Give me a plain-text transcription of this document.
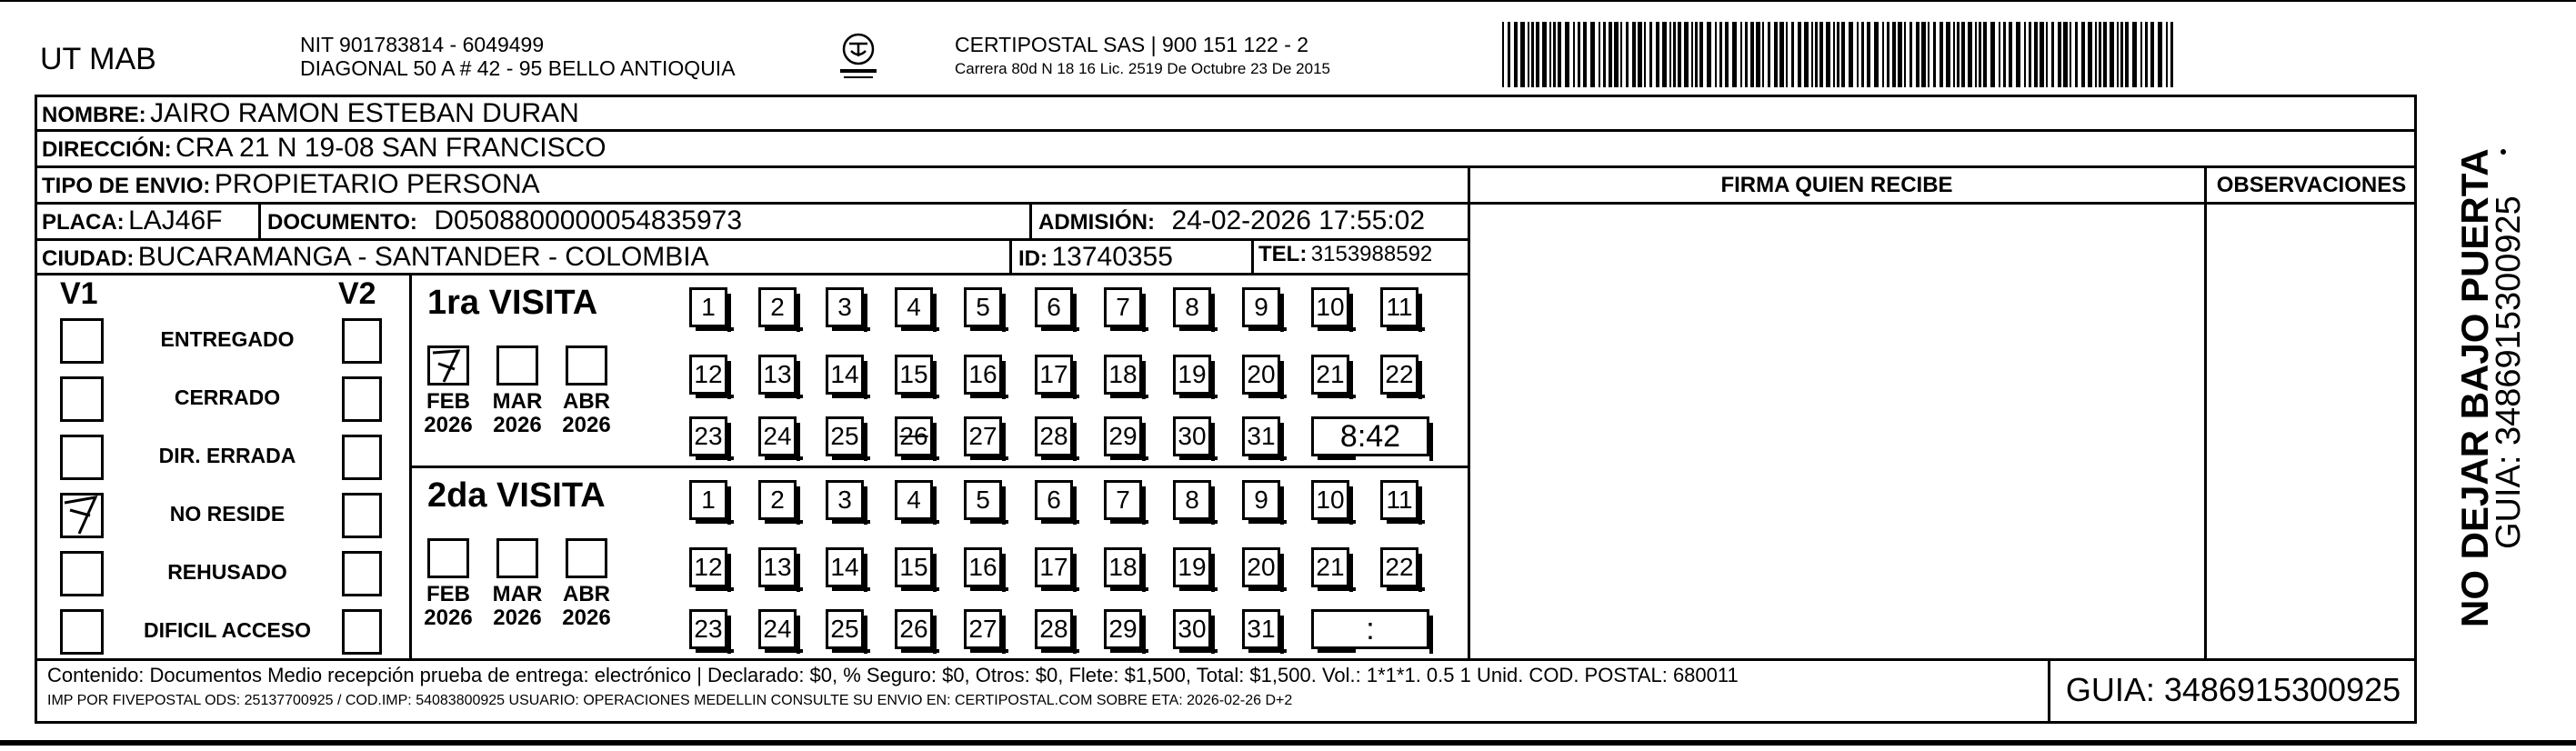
UT MAB	NIT 901783814 - 6049499
DIAGONAL 50 A # 42 - 95 BELLO ANTIOQUIA
CERTIPOSTAL SAS | 900 151 122 - 2
Carrera 80d N 18 16 Lic. 2519 De Octubre 23 De 2015
NOMBRE: JAIRO RAMON ESTEBAN DURAN
DIRECCIÓN: CRA 21 N 19-08 SAN FRANCISCO
TIPO DE ENVIO: PROPIETARIO PERSONA	FIRMA QUIEN RECIBE	OBSERVACIONES
PLACA: LAJ46F DOCUMENTO: D0508800000054835973	ADMISIÓN: 24-02-2026 17:55:02
CIUDAD: BUCARAMANGA - SANTANDER - COLOMBIA	ID: 13740355	TEL: 3153988592
V1	V2
ENTREGADO
CERRADO
DIR. ERRADA
NO RESIDE
REHUSADO
DIFICIL ACCESO
1ra VISITA
FEB
2026
MAR
2026
ABR
2026
1	2	3	4	5	6	7	8	9	10 11
12 13 14 15 16 17 18 19 20 21 22
23 24 25 26 27 28 29 30 31	8:42
2da VISITA
FEB
2026
MAR
2026
ABR
2026
1	2	3	4	5	6	7	8	9	10 11
12 13 14 15 16 17 18 19 20 21 22
23 24 25 26 27 28 29 30 31	:
Contenido: Documentos Medio recepción prueba de entrega: electrónico | Declarado: $0, % Seguro: $0, Otros: $0, Flete: $1,500, Total: $1,500. Vol.: 1*1*1. 0.5 1 Unid. COD. POSTAL: 680011
IMP POR FIVEPOSTAL ODS: 25137700925 / COD.IMP: 54083800925 USUARIO: OPERACIONES MEDELLIN CONSULTE SU ENVIO EN: CERTIPOSTAL.COM SOBRE ETA: 2026-02-26 D+2	GUIA: 3486915300925
NO DEJAR BAJO PUERTA
GUIA: 3486915300925
